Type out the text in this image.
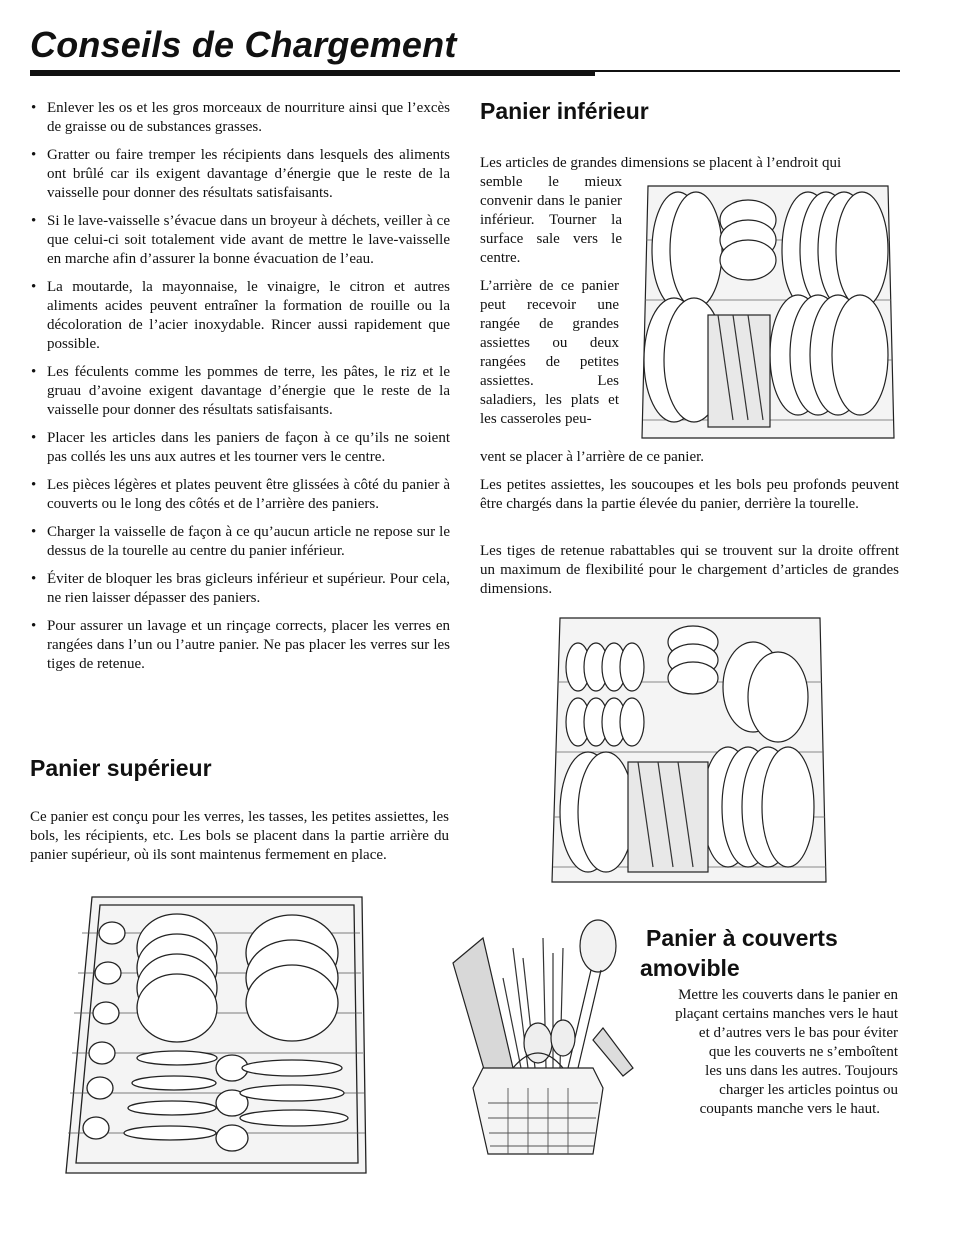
Conseils de Chargement
• Enlever les os et les gros morceaux de nourriture ainsi que l’excès de graisse ou de substances grasses.
• Gratter ou faire tremper les récipients dans lesquels des aliments ont brûlé car ils exigent davantage d’énergie que le reste de la vaisselle pour donner des résultats satisfaisants.
• Si le lave-vaisselle s’évacue dans un broyeur à déchets, veiller à ce que celui-ci soit totalement vide avant de mettre le lave-vaisselle en marche afin d’assurer la bonne évacuation de l’eau.
• La moutarde, la mayonnaise, le vinaigre, le citron et autres aliments acides peuvent entraîner la formation de rouille ou la décoloration de l’acier inoxydable. Rincer aussi rapidement que possible.
• Les féculents comme les pommes de terre, les pâtes, le riz et le gruau d’avoine exigent davantage d’énergie que le reste de la vaisselle pour donner des résultats satisfaisants.
• Placer les articles dans les paniers de façon à ce qu’ils ne soient pas collés les uns aux autres et les tourner vers le centre.
• Les pièces légères et plates peuvent être glissées à côté du panier à couverts ou le long des côtés et de l’arrière des paniers.
• Charger la vaisselle de façon à ce qu’aucun article ne repose sur le dessus de la tourelle au centre du panier inférieur.
• Éviter de bloquer les bras gicleurs inférieur et supérieur. Pour cela, ne rien laisser dépasser des paniers.
• Pour assurer un lavage et un rinçage corrects, placer les verres en rangées dans l’un ou l’autre panier. Ne pas placer les verres sur les tiges de retenue.
Panier supérieur

Ce panier est conçu pour les verres, les tasses, les petites assiettes, les bols, les récipients, etc. Les bols se placent dans la partie arrière du panier supérieur, où ils sont maintenus fermement en place.

Panier inférieur

Les articles de grandes dimensions se placent à l’endroit qui

semble le mieux convenir dans le panier inférieur. Tourner la surface sale vers le centre.

L’arrière de ce panier peut recevoir une rangée de grandes assiettes ou deux rangées de petites assiettes. Les saladiers, les plats et les casseroles peu-

vent se placer à l’arrière de ce panier.

Les petites assiettes, les soucoupes et les bols peu profonds peuvent être chargés dans la partie élevée du panier, derrière la tourelle.

Les tiges de retenue rabattables qui se trouvent sur la droite offrent un maximum de flexibilité pour le chargement d’articles de grandes dimensions.

Panier à couverts
amovible
Mettre les couverts dans le panier en
plaçant certains manches vers le haut
et d’autres vers le bas pour éviter
que les couverts ne s’emboîtent
les uns dans les autres. Toujours
charger les articles pointus ou
coupants manche vers le haut.
